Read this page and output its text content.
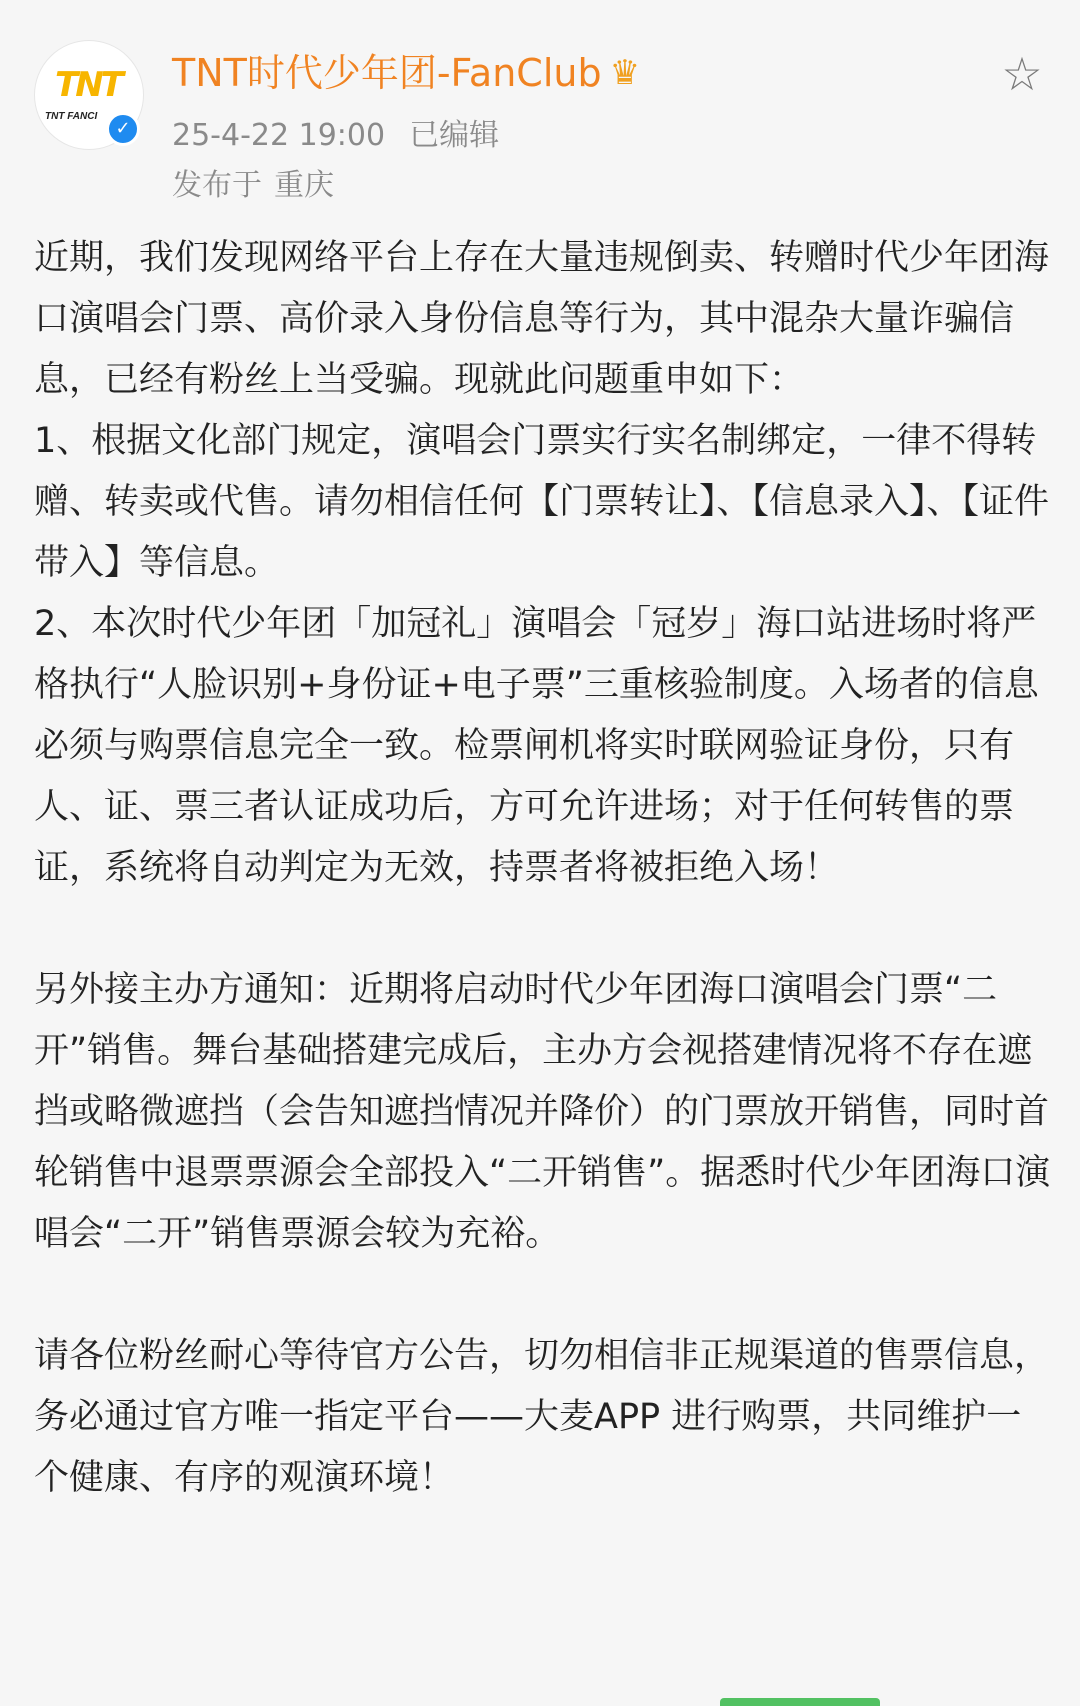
TNT
TNT FANCI
✓
TNT时代少年团-FanClub ♛
25-4-22 19:00 已编辑
发布于 重庆
☆

近期，我们发现网络平台上存在大量违规倒卖、转赠时代少年团海口演唱会门票、高价录入身份信息等行为，其中混杂大量诈骗信息，已经有粉丝上当受骗。现就此问题重申如下：

1、根据文化部门规定，演唱会门票实行实名制绑定，一律不得转赠、转卖或代售。请勿相信任何【门票转让】、【信息录入】、【证件带入】等信息。

2、本次时代少年团「加冠礼」演唱会「冠岁」海口站进场时将严格执行“人脸识别+身份证+电子票”三重核验制度。入场者的信息必须与购票信息完全一致。检票闸机将实时联网验证身份，只有人、证、票三者认证成功后，方可允许进场；对于任何转售的票证，系统将自动判定为无效，持票者将被拒绝入场！

另外接主办方通知：近期将启动时代少年团海口演唱会门票“二开”销售。舞台基础搭建完成后，主办方会视搭建情况将不存在遮挡或略微遮挡（会告知遮挡情况并降价）的门票放开销售，同时首轮销售中退票票源会全部投入“二开销售”。据悉时代少年团海口演唱会“二开”销售票源会较为充裕。

请各位粉丝耐心等待官方公告，切勿相信非正规渠道的售票信息，务必通过官方唯一指定平台——大麦APP 进行购票，共同维护一个健康、有序的观演环境！
